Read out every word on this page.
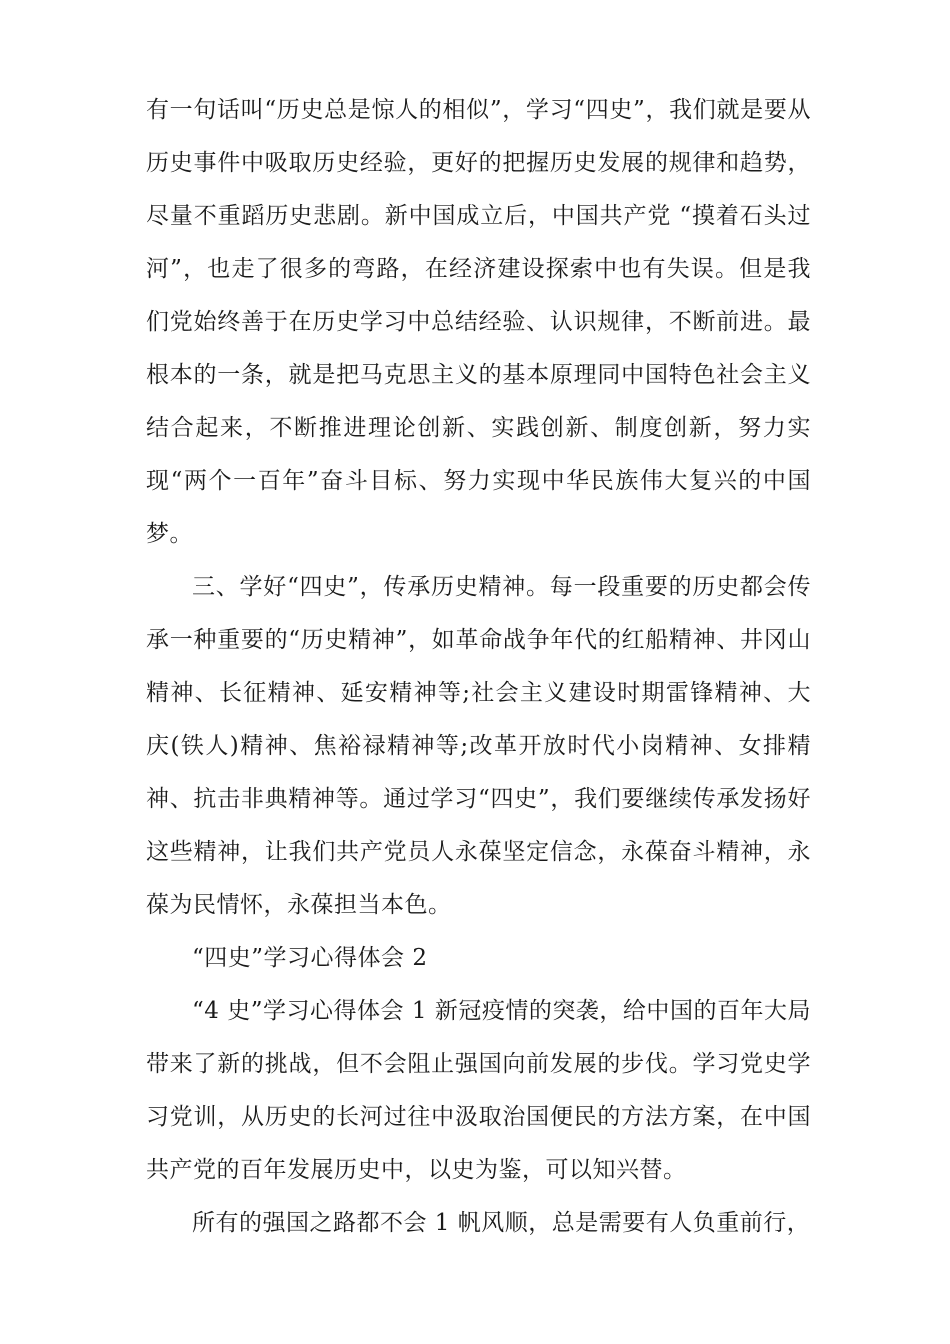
有一句话叫“历史总是惊人的相似”，学习“四史”，我们就是要从历史事件中吸取历史经验，更好的把握历史发展的规律和趋势，尽量不重蹈历史悲剧。新中国成立后，中国共产党 “摸着石头过河”，也走了很多的弯路，在经济建设探索中也有失误。但是我们党始终善于在历史学习中总结经验、认识规律，不断前进。最根本的一条，就是把马克思主义的基本原理同中国特色社会主义结合起来，不断推进理论创新、实践创新、制度创新，努力实现“两个一百年”奋斗目标、努力实现中华民族伟大复兴的中国梦。

三、学好“四史”，传承历史精神。每一段重要的历史都会传承一种重要的“历史精神”，如革命战争年代的红船精神、井冈山精神、长征精神、延安精神等;社会主义建设时期雷锋精神、大庆(铁人)精神、焦裕禄精神等;改革开放时代小岗精神、女排精神、抗击非典精神等。通过学习“四史”，我们要继续传承发扬好这些精神，让我们共产党员人永葆坚定信念，永葆奋斗精神，永葆为民情怀，永葆担当本色。

“四史”学习心得体会 2

“4 史”学习心得体会 1 新冠疫情的突袭，给中国的百年大局带来了新的挑战，但不会阻止强国向前发展的步伐。学习党史学习党训，从历史的长河过往中汲取治国便民的方法方案，在中国共产党的百年发展历史中，以史为鉴，可以知兴替。

所有的强国之路都不会 1 帆风顺，总是需要有人负重前行，
